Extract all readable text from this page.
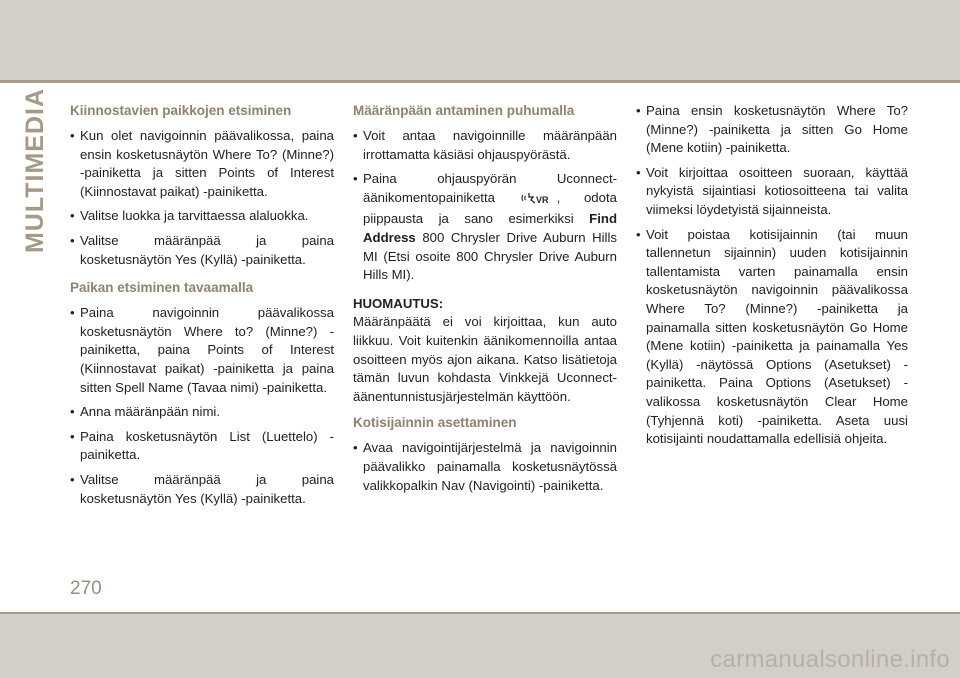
MULTIMEDIA Kiinnostavien paikkojen etsiminen
• Kun olet navigoinnin päävalikossa, paina ensin kosketusnäytön Where To? (Minne?) -painiketta ja sitten Points of Interest (Kiinnostavat paikat) -painiketta.
• Valitse luokka ja tarvittaessa alaluokka.
• Valitse määränpää ja paina kosketusnäytön Yes (Kyllä) -painiketta.
Paikan etsiminen tavaamalla
• Paina navigoinnin päävalikossa kosketusnäytön Where to? (Minne?) -painiketta, paina Points of Interest (Kiinnostavat paikat) -painiketta ja paina sitten Spell Name (Tavaa nimi) -painiketta.
• Anna määränpään nimi.
• Paina kosketusnäytön List (Luettelo) -painiketta.
• Valitse määränpää ja paina kosketusnäytön Yes (Kyllä) -painiketta.
Määränpään antaminen puhumalla
• Voit antaa navigoinnille määränpään irrottamatta käsiäsi ohjauspyörästä.
• Paina ohjauspyörän Uconnect-äänikomentopainiketta	VR , odota piippausta ja sano esimerkiksi Find Address 800 Chrysler Drive Auburn Hills MI (Etsi osoite 800 Chrysler Drive Auburn Hills MI).
HUOMAUTUS:
Määränpäätä ei voi kirjoittaa, kun auto liikkuu. Voit kuitenkin äänikomennoilla antaa osoitteen myös ajon aikana. Katso lisätietoja tämän luvun kohdasta Vinkkejä Uconnect-äänentunnistusjärjestelmän käyttöön.
Kotisijainnin asettaminen
• Avaa navigointijärjestelmä ja navigoinnin päävalikko painamalla kosketusnäytössä valikkopalkin Nav (Navigointi) -painiketta.
• Paina ensin kosketusnäytön Where To? (Minne?) -painiketta ja sitten Go Home (Mene kotiin) -painiketta.
• Voit kirjoittaa osoitteen suoraan, käyttää nykyistä sijaintiasi kotiosoitteena tai valita viimeksi löydetyistä sijainneista.
• Voit poistaa kotisijainnin (tai muun tallennetun sijainnin) uuden kotisijainnin tallentamista varten painamalla ensin kosketusnäytön navigoinnin päävalikossa Where To? (Minne?) -painiketta ja painamalla sitten kosketusnäytön Go Home (Mene kotiin) -painiketta ja painamalla Yes (Kyllä) -näytössä Options (Asetukset) -painiketta. Paina Options (Asetukset) -valikossa kosketusnäytön Clear Home (Tyhjennä koti) -painiketta. Aseta uusi kotisijainti noudattamalla edellisiä ohjeita.
270
carmanualsonline.info
